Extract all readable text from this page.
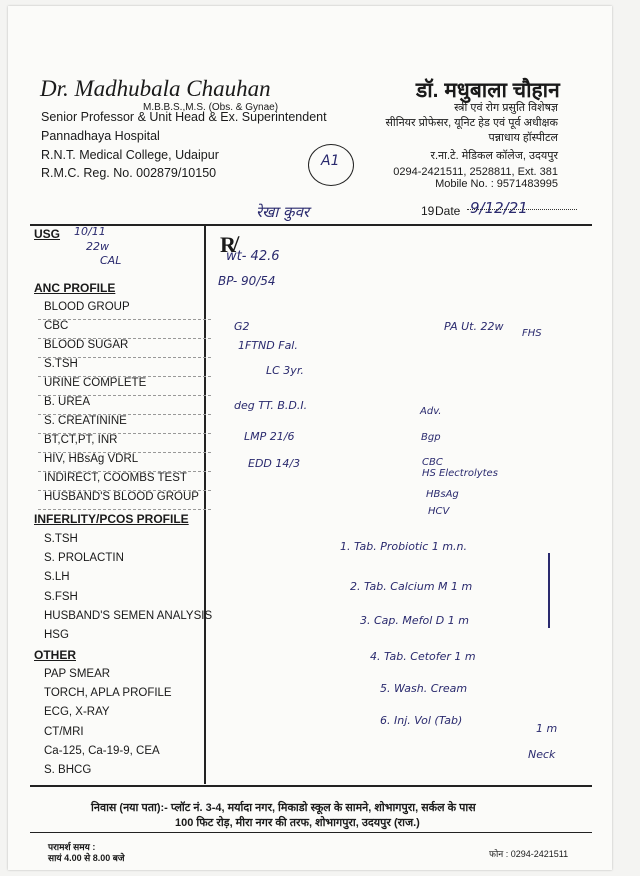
Dr. Madhubala Chauhan
M.B.B.S.,M.S. (Obs. & Gynae)
Senior Professor & Unit Head & Ex. Superintendent
Pannadhaya Hospital
R.N.T. Medical College, Udaipur
R.M.C. Reg. No. 002879/10150
डॉ. मधुबाला चौहान
स्त्री एवं रोग प्रसुति विशेषज्ञ
सीनियर प्रोफेसर, यूनिट हेड एवं पूर्व अधीक्षक
पन्नाधाय हॉस्पीटल
र.ना.टे. मेडिकल कॉलेज, उदयपुर
0294-2421511, 2528811, Ext. 381
Mobile No. : 9571483995
A1
रेखा कुवर	19 Date 9/12/21
USG 10/11
22w
CAL
ANC PROFILE
BLOOD GROUP
CBC
BLOOD SUGAR
S.TSH
URINE COMPLETE
B. UREA
S. CREATININE
BT,CT,PT, INR
HIV, HBsAg VDRL
INDIRECT, COOMBS TEST
HUSBAND'S BLOOD GROUP
INFERLITY/PCOS PROFILE
S.TSH
S. PROLACTIN
S.LH
S.FSH
HUSBAND'S SEMEN ANALYSIS
HSG
OTHER
PAP SMEAR
TORCH, APLA PROFILE
ECG, X-RAY
CT/MRI
Ca-125, Ca-19-9, CEA
S. BHCG
R̸
wt- 42.6
BP- 90/54
G2
1FTND Fal.
LC 3yr.
deg TT. B.D.I.
LMP 21/6
EDD 14/3
PA Ut. 22w
FHS
Adv.
Bgp
CBC
HS Electrolytes
HBsAg
HCV
1. Tab. Probiotic 1 m.n.
2. Tab. Calcium M 1 m
3. Cap. Mefol D 1 m
4. Tab. Cetofer 1 m
5. Wash. Cream
6. Inj. Vol (Tab)
1 m
Neck
निवास (नया पता):- प्लॉट नं. 3-4, मर्यादा नगर, मिकाडो स्कूल के सामने, शोभागपुरा, सर्कल के पास
100 फिट रोड़, मीरा नगर की तरफ, शोभागपुरा, उदयपुर (राज.)
परामर्श समय :
सायं 4.00 से 8.00 बजे	फोन : 0294-2421511
